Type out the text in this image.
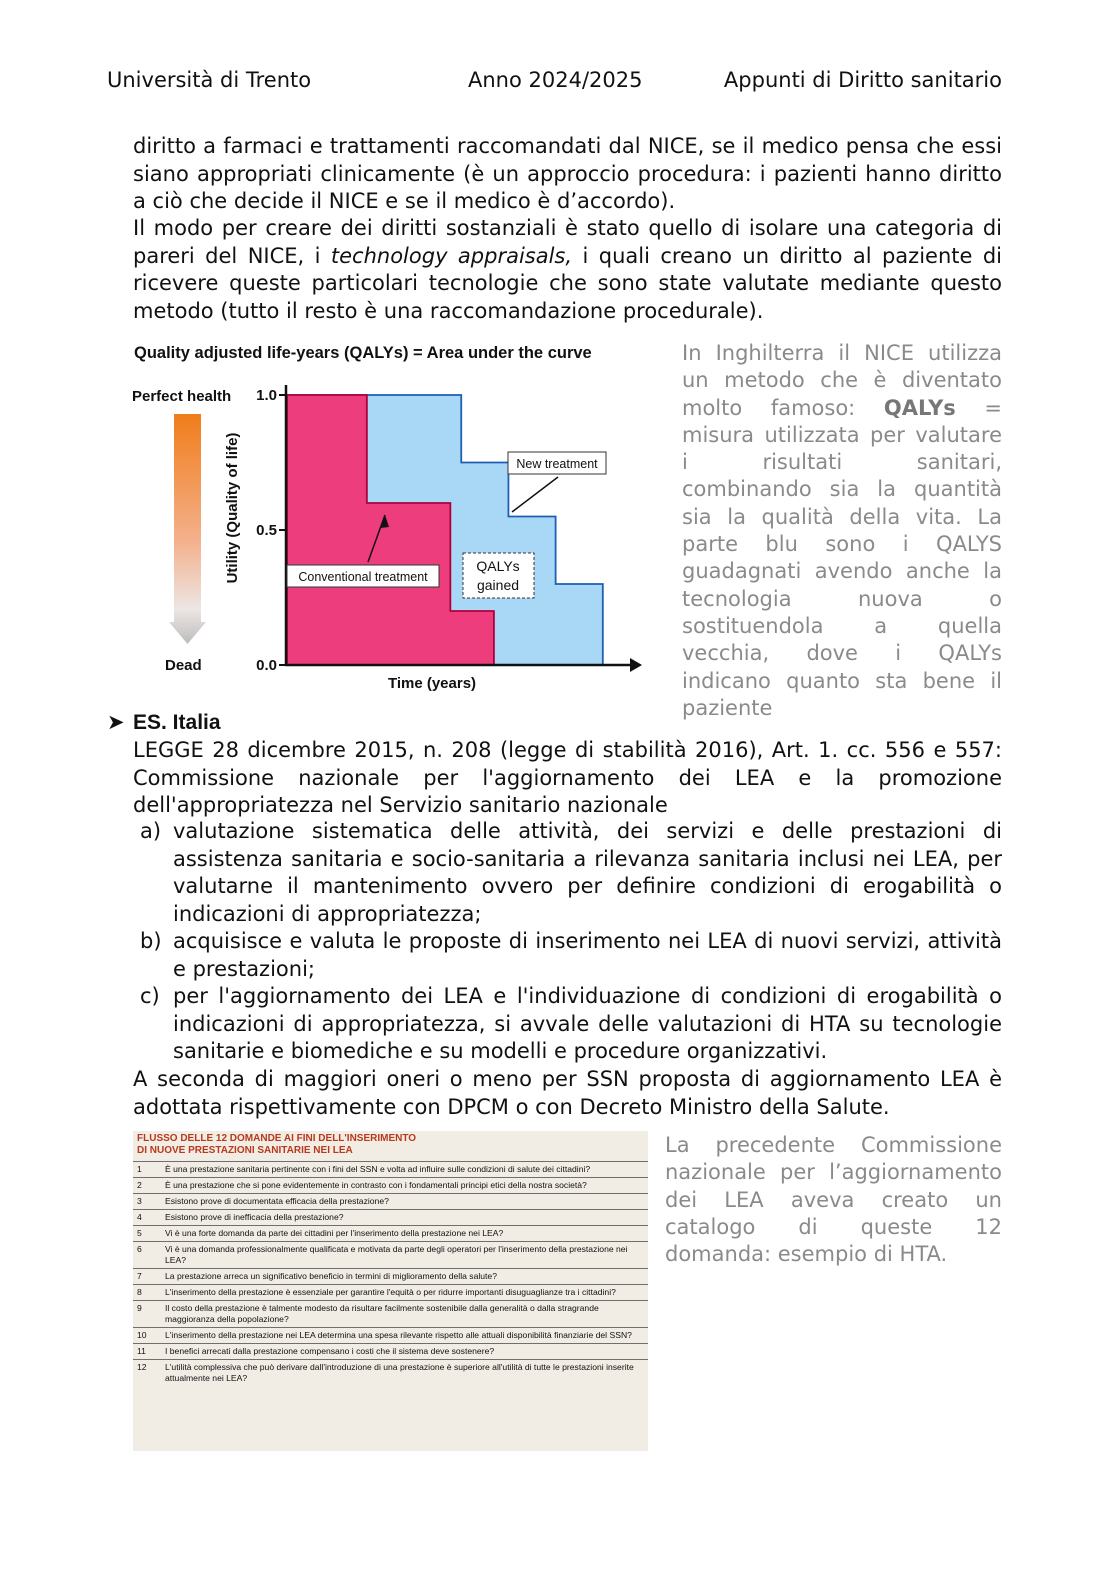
Università di Trento	Anno 2024/2025	Appunti di Diritto sanitario

diritto a farmaci e trattamenti raccomandati dal NICE, se il medico pensa che essi siano appropriati clinicamente (è un approccio procedura: i pazienti hanno diritto a ciò che decide il NICE e se il medico è d’accordo).

Il modo per creare dei diritti sostanziali è stato quello di isolare una categoria di pareri del NICE, i technology appraisals, i quali creano un diritto al paziente di ricevere queste particolari tecnologie che sono state valutate mediante questo metodo (tutto il resto è una raccomandazione procedurale).

Quality adjusted life-years (QALYs) = Area under the curve
Perfect health
Dead
Utility (Quality of life)
1.0
0.5
0.0
Time (years)
New treatment
Conventional treatment
QALYs
gained

In Inghilterra il NICE utilizza un metodo che è diventato molto famoso: QALYs = misura utilizzata per valutare i risultati sanitari, combinando sia la quantità sia la qualità della vita. La parte blu sono i QALYS guadagnati avendo anche la tecnologia nuova o sostituendola a quella vecchia, dove i QALYs indicano quanto sta bene il paziente

➤ ES. Italia

LEGGE 28 dicembre 2015, n. 208 (legge di stabilità 2016), Art. 1. cc. 556 e 557: Commissione nazionale per l'aggiornamento dei LEA e la promozione dell'appropriatezza nel Servizio sanitario nazionale

a) valutazione sistematica delle attività, dei servizi e delle prestazioni di assistenza sanitaria e socio-sanitaria a rilevanza sanitaria inclusi nei LEA, per valutarne il mantenimento ovvero per definire condizioni di erogabilità o indicazioni di appropriatezza;
b) acquisisce e valuta le proposte di inserimento nei LEA di nuovi servizi, attività e prestazioni;
c) per l'aggiornamento dei LEA e l'individuazione di condizioni di erogabilità o indicazioni di appropriatezza, si avvale delle valutazioni di HTA su tecnologie sanitarie e biomediche e su modelli e procedure organizzativi.

A seconda di maggiori oneri o meno per SSN proposta di aggiornamento LEA è adottata rispettivamente con DPCM o con Decreto Ministro della Salute.

FLUSSO DELLE 12 DOMANDE AI FINI DELL'INSERIMENTO
DI NUOVE PRESTAZIONI SANITARIE NEI LEA
1	È una prestazione sanitaria pertinente con i fini del SSN e volta ad influire sulle condizioni di salute dei cittadini?
2	È una prestazione che si pone evidentemente in contrasto con i fondamentali principi etici della nostra società?
3	Esistono prove di documentata efficacia della prestazione?
4	Esistono prove di inefficacia della prestazione?
5	Vi è una forte domanda da parte dei cittadini per l'inserimento della prestazione nei LEA?
6	Vi è una domanda professionalmente qualificata e motivata da parte degli operatori per l'inserimento della prestazione nei LEA?
7	La prestazione arreca un significativo beneficio in termini di miglioramento della salute?
8	L'inserimento della prestazione è essenziale per garantire l'equità o per ridurre importanti disuguaglianze tra i cittadini?
9	Il costo della prestazione è talmente modesto da risultare facilmente sostenibile dalla generalità o dalla stragrande maggioranza della popolazione?
10	L'inserimento della prestazione nei LEA determina una spesa rilevante rispetto alle attuali disponibilità finanziarie del SSN?
11	I benefici arrecati dalla prestazione compensano i costi che il sistema deve sostenere?
12	L'utilità complessiva che può derivare dall'introduzione di una prestazione è superiore all'utilità di tutte le prestazioni inserite attualmente nei LEA?

La precedente Commissione nazionale per l’aggiornamento dei LEA aveva creato un catalogo di queste 12 domanda: esempio di HTA.
